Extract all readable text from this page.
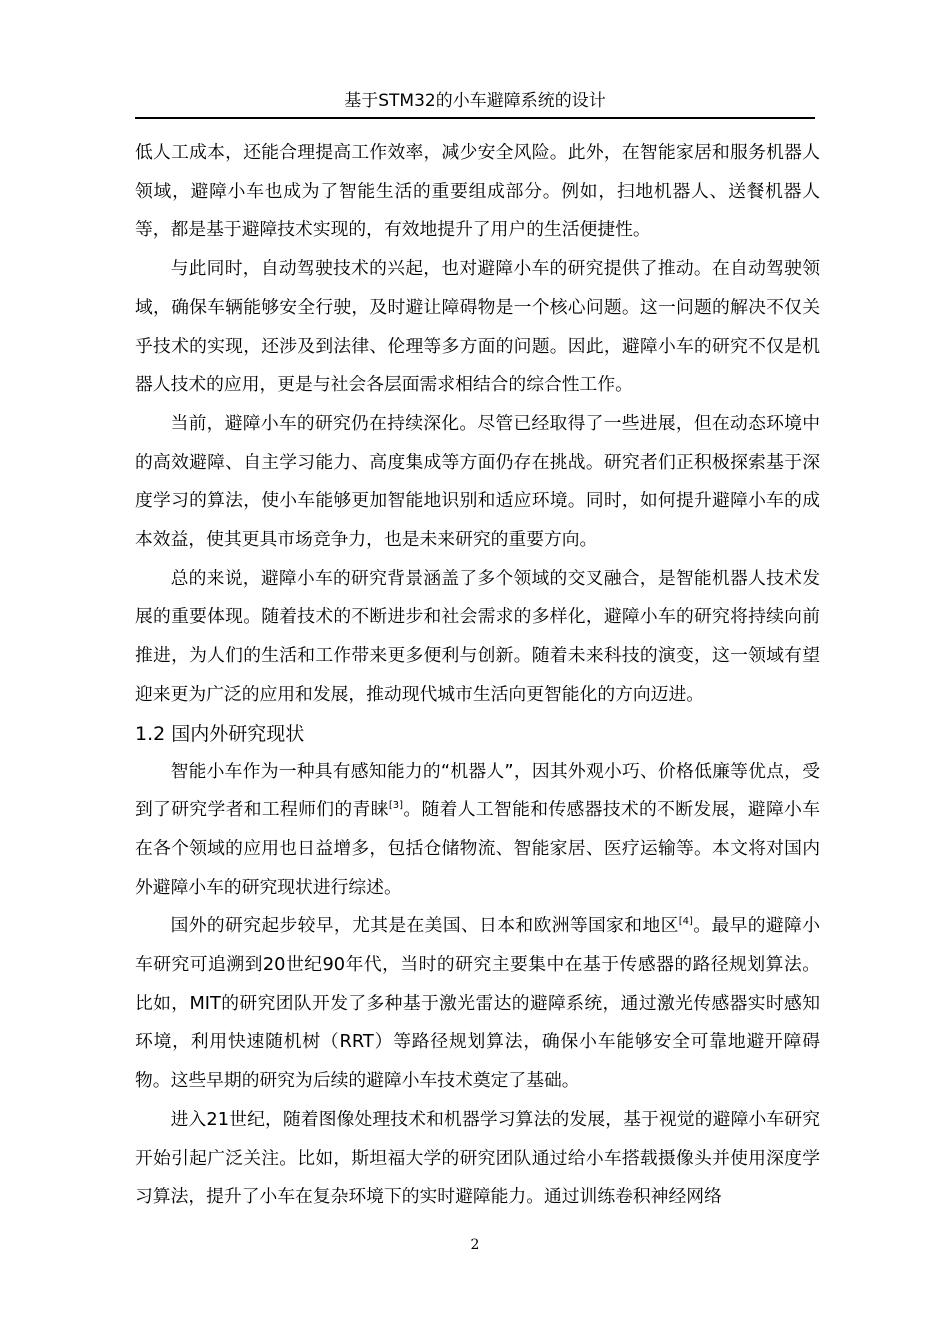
基于STM32的小车避障系统的设计

低人工成本，还能合理提高工作效率，减少安全风险。此外，在智能家居和服务机器人领域，避障小车也成为了智能生活的重要组成部分。例如，扫地机器人、送餐机器人等，都是基于避障技术实现的，有效地提升了用户的生活便捷性。

与此同时，自动驾驶技术的兴起，也对避障小车的研究提供了推动。在自动驾驶领域，确保车辆能够安全行驶，及时避让障碍物是一个核心问题。这一问题的解决不仅关乎技术的实现，还涉及到法律、伦理等多方面的问题。因此，避障小车的研究不仅是机器人技术的应用，更是与社会各层面需求相结合的综合性工作。

当前，避障小车的研究仍在持续深化。尽管已经取得了一些进展，但在动态环境中的高效避障、自主学习能力、高度集成等方面仍存在挑战。研究者们正积极探索基于深度学习的算法，使小车能够更加智能地识别和适应环境。同时，如何提升避障小车的成本效益，使其更具市场竞争力，也是未来研究的重要方向。

总的来说，避障小车的研究背景涵盖了多个领域的交叉融合，是智能机器人技术发展的重要体现。随着技术的不断进步和社会需求的多样化，避障小车的研究将持续向前推进，为人们的生活和工作带来更多便利与创新。随着未来科技的演变，这一领域有望迎来更为广泛的应用和发展，推动现代城市生活向更智能化的方向迈进。

1.2 国内外研究现状

智能小车作为一种具有感知能力的“机器人”，因其外观小巧、价格低廉等优点，受到了研究学者和工程师们的青睐[3]。随着人工智能和传感器技术的不断发展，避障小车在各个领域的应用也日益增多，包括仓储物流、智能家居、医疗运输等。本文将对国内外避障小车的研究现状进行综述。

国外的研究起步较早，尤其是在美国、日本和欧洲等国家和地区[4]。最早的避障小车研究可追溯到20世纪90年代，当时的研究主要集中在基于传感器的路径规划算法。比如，MIT的研究团队开发了多种基于激光雷达的避障系统，通过激光传感器实时感知环境，利用快速随机树（RRT）等路径规划算法，确保小车能够安全可靠地避开障碍物。这些早期的研究为后续的避障小车技术奠定了基础。

进入21世纪，随着图像处理技术和机器学习算法的发展，基于视觉的避障小车研究开始引起广泛关注。比如，斯坦福大学的研究团队通过给小车搭载摄像头并使用深度学习算法，提升了小车在复杂环境下的实时避障能力。通过训练卷积神经网络

2
